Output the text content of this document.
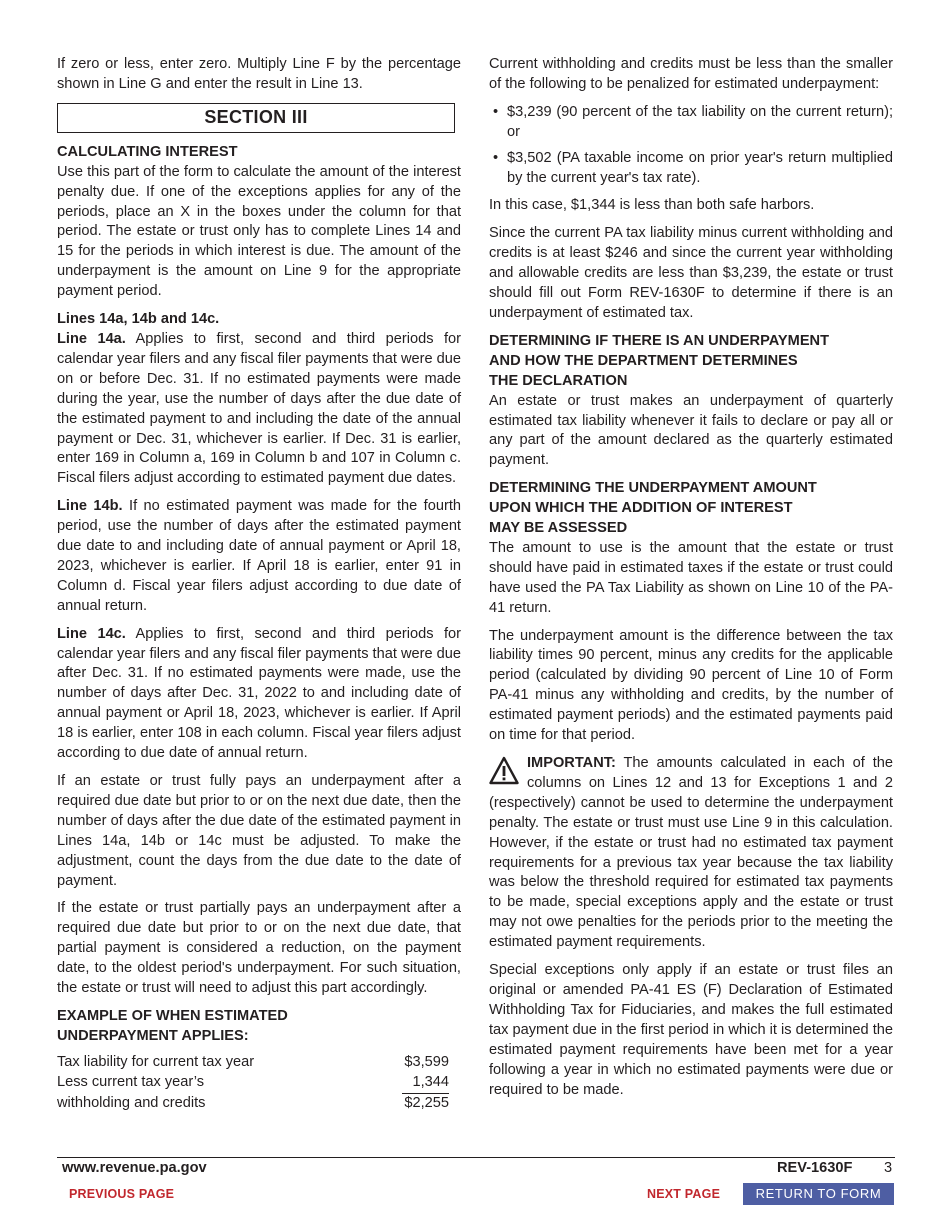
If zero or less, enter zero. Multiply Line F by the percentage shown in Line G and enter the result in Line 13.

SECTION III
CALCULATING INTEREST

Use this part of the form to calculate the amount of the interest penalty due. If one of the exceptions applies for any of the periods, place an X in the boxes under the column for that period. The estate or trust only has to complete Lines 14 and 15 for the periods in which interest is due. The amount of the underpayment is the amount on Line 9 for the appropriate payment period.

Lines 14a, 14b and 14c.

Line 14a. Applies to first, second and third periods for calendar year filers and any fiscal filer payments that were due on or before Dec. 31. If no estimated payments were made during the year, use the number of days after the due date of the estimated payment to and including the date of the annual payment or Dec. 31, whichever is earlier. If Dec. 31 is earlier, enter 169 in Column a, 169 in Column b and 107 in Column c. Fiscal filers adjust according to estimated payment due dates.

Line 14b. If no estimated payment was made for the fourth period, use the number of days after the estimated payment due date to and including date of annual payment or April 18, 2023, whichever is earlier. If April 18 is earlier, enter 91 in Column d. Fiscal year filers adjust according to due date of annual return.

Line 14c. Applies to first, second and third periods for calendar year filers and any fiscal filer payments that were due after Dec. 31. If no estimated payments were made, use the number of days after Dec. 31, 2022 to and including date of annual payment or April 18, 2023, whichever is earlier. If April 18 is earlier, enter 108 in each column. Fiscal year filers adjust according to due date of annual return.

If an estate or trust fully pays an underpayment after a required due date but prior to or on the next due date, then the number of days after the due date of the estimated payment in Lines 14a, 14b or 14c must be adjusted. To make the adjustment, count the days from the due date to the date of payment.

If the estate or trust partially pays an underpayment after a required due date but prior to or on the next due date, that partial payment is considered a reduction, on the payment date, to the oldest period's underpayment. For such situation, the estate or trust will need to adjust this part accordingly.

EXAMPLE OF WHEN ESTIMATED
UNDERPAYMENT APPLIES:
Tax liability for current tax year	$3,599
Less current tax year’s	1,344
withholding and credits	$2,255

Current withholding and credits must be less than the smaller of the following to be penalized for estimated underpayment:

• $3,239 (90 percent of the tax liability on the current return); or
• $3,502 (PA taxable income on prior year's return multiplied by the current year's tax rate).

In this case, $1,344 is less than both safe harbors.

Since the current PA tax liability minus current withholding and credits is at least $246 and since the current year withholding and allowable credits are less than $3,239, the estate or trust should fill out Form REV-1630F to determine if there is an underpayment of estimated tax.

DETERMINING IF THERE IS AN UNDERPAYMENT
AND HOW THE DEPARTMENT DETERMINES
THE DECLARATION

An estate or trust makes an underpayment of quarterly estimated tax liability whenever it fails to declare or pay all or any part of the amount declared as the quarterly estimated payment.

DETERMINING THE UNDERPAYMENT AMOUNT
UPON WHICH THE ADDITION OF INTEREST
MAY BE ASSESSED

The amount to use is the amount that the estate or trust should have paid in estimated taxes if the estate or trust could have used the PA Tax Liability as shown on Line 10 of the PA-41 return.

The underpayment amount is the difference between the tax liability times 90 percent, minus any credits for the applicable period (calculated by dividing 90 percent of Line 10 of Form PA-41 minus any withholding and credits, by the number of estimated payment periods) and the estimated payments paid on time for that period.

IMPORTANT: The amounts calculated in each of the columns on Lines 12 and 13 for Exceptions 1 and 2 (respectively) cannot be used to determine the underpayment penalty. The estate or trust must use Line 9 in this calculation. However, if the estate or trust had no estimated tax payment requirements for a previous tax year because the tax liability was below the threshold required for estimated tax payments to be made, special exceptions apply and the estate or trust may not owe penalties for the periods prior to the meeting the estimated payment requirements.

Special exceptions only apply if an estate or trust files an original or amended PA-41 ES (F) Declaration of Estimated Withholding Tax for Fiduciaries, and makes the full estimated tax payment due in the first period in which it is determined the estimated payment requirements have been met for a year following a year in which no estimated payments were due or required to be made.

www.revenue.pa.gov	REV-1630F 3
PREVIOUS PAGE	NEXT PAGE	RETURN TO FORM
